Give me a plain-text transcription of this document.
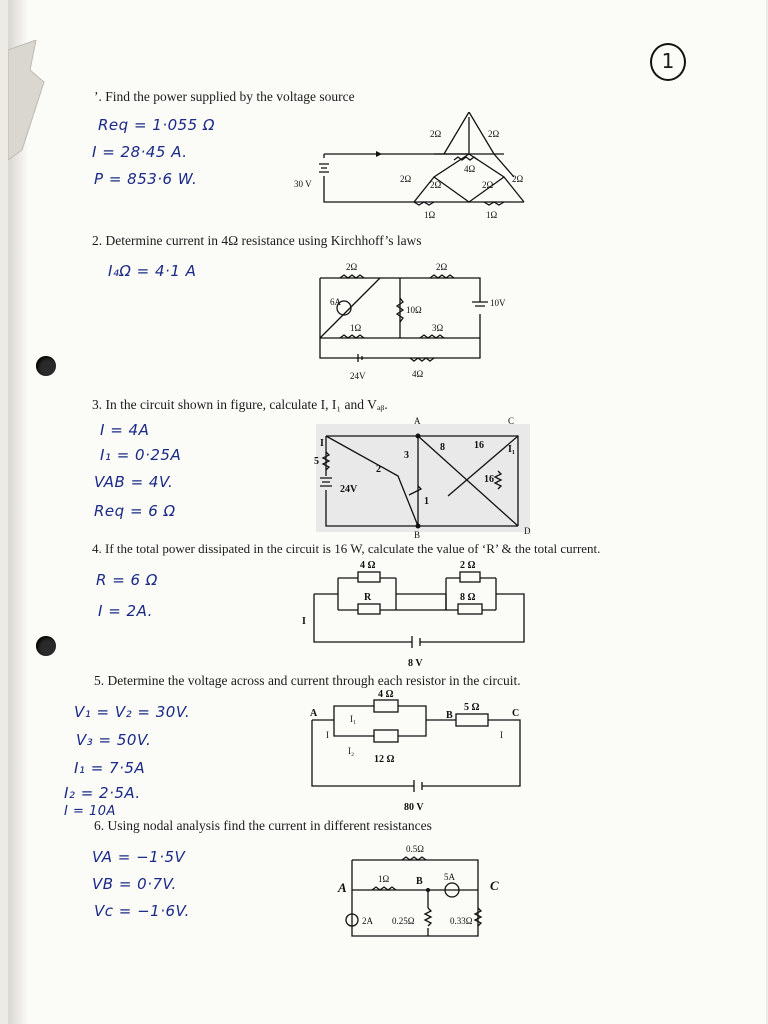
1
ʼ. Find the power supplied by the voltage source
2. Determine current in 4Ω resistance using Kirchhoff’s laws
3. In the circuit shown in figure, calculate I, I₁ and Vₐᵦ.
4. If the total power dissipated in the circuit is 16 W, calculate the value of ‘R’ & the total current.
5. Determine the voltage across and current through each resistor in the circuit.
6. Using nodal analysis find the current in different resistances
Req = 1·055 Ω
I = 28·45 A.
P = 853·6 W.
I₄Ω = 4·1 A
I = 4A
I₁ = 0·25A
VAB = 4V.
Req = 6 Ω
R = 6 Ω
I = 2A.
V₁ = V₂ = 30V.
V₃ = 50V.
I₁ = 7·5A
I₂ = 2·5A.
I = 10A
VA = −1·5V
VB = 0·7V.
Vc = −1·6V.
30 V
2Ω	2Ω
4Ω
2Ω
2Ω	2Ω
2Ω
1Ω	1Ω
2Ω	2Ω
6A
10Ω
10V
1Ω	3Ω
24V	4Ω
A
B
C
D
5
I
24V
2
3
1
8	16
16
I₁
4 Ω	2 Ω
R	8 Ω
I
8 V
A	B	C
4 Ω
12 Ω
5 Ω
I₁
I₂
I	I
80 V
0.5Ω
1Ω	B
A	C
5A
2A 0.25Ω	0.33Ω
